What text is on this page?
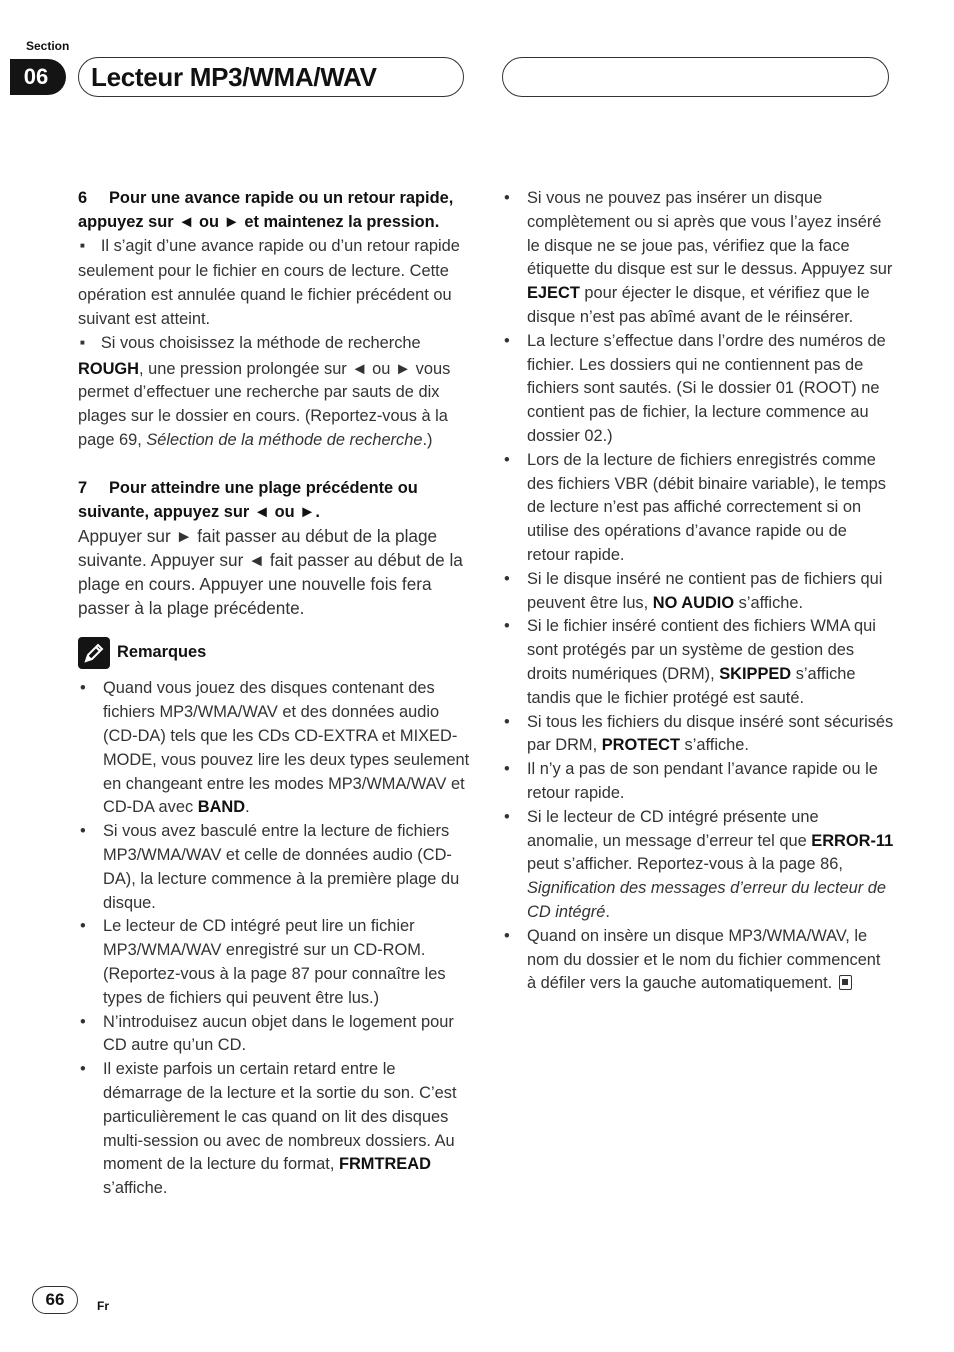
Section
06	Lecteur MP3/WMA/WAV
6 Pour une avance rapide ou un retour rapide, appuyez sur ◄ ou ► et maintenez la pression.
■ Il s’agit d’une avance rapide ou d’un retour rapide seulement pour le fichier en cours de lecture. Cette opération est annulée quand le fichier précédent ou suivant est atteint.
■ Si vous choisissez la méthode de recherche ROUGH, une pression prolongée sur ◄ ou ► vous permet d’effectuer une recherche par sauts de dix plages sur le dossier en cours. (Reportez-vous à la page 69, Sélection de la méthode de recherche.)
7 Pour atteindre une plage précédente ou suivante, appuyez sur ◄ ou ►.
Appuyer sur ► fait passer au début de la plage suivante. Appuyer sur ◄ fait passer au début de la plage en cours. Appuyer une nouvelle fois fera passer à la plage précédente.
Remarques
• Quand vous jouez des disques contenant des fichiers MP3/WMA/WAV et des données audio (CD-DA) tels que les CDs CD-EXTRA et MIXED-MODE, vous pouvez lire les deux types seulement en changeant entre les modes MP3/WMA/WAV et CD-DA avec BAND.
• Si vous avez basculé entre la lecture de fichiers MP3/WMA/WAV et celle de données audio (CD-DA), la lecture commence à la première plage du disque.
• Le lecteur de CD intégré peut lire un fichier MP3/WMA/WAV enregistré sur un CD-ROM. (Reportez-vous à la page 87 pour connaître les types de fichiers qui peuvent être lus.)
• N’introduisez aucun objet dans le logement pour CD autre qu’un CD.
• Il existe parfois un certain retard entre le démarrage de la lecture et la sortie du son. C’est particulièrement le cas quand on lit des disques multi-session ou avec de nombreux dossiers. Au moment de la lecture du format, FRMTREAD s’affiche.
• Si vous ne pouvez pas insérer un disque complètement ou si après que vous l’ayez inséré le disque ne se joue pas, vérifiez que la face étiquette du disque est sur le dessus. Appuyez sur EJECT pour éjecter le disque, et vérifiez que le disque n’est pas abîmé avant de le réinsérer.
• La lecture s’effectue dans l’ordre des numéros de fichier. Les dossiers qui ne contiennent pas de fichiers sont sautés. (Si le dossier 01 (ROOT) ne contient pas de fichier, la lecture commence au dossier 02.)
• Lors de la lecture de fichiers enregistrés comme des fichiers VBR (débit binaire variable), le temps de lecture n’est pas affiché correctement si on utilise des opérations d’avance rapide ou de retour rapide.
• Si le disque inséré ne contient pas de fichiers qui peuvent être lus, NO AUDIO s’affiche.
• Si le fichier inséré contient des fichiers WMA qui sont protégés par un système de gestion des droits numériques (DRM), SKIPPED s’affiche tandis que le fichier protégé est sauté.
• Si tous les fichiers du disque inséré sont sécurisés par DRM, PROTECT s’affiche.
• Il n’y a pas de son pendant l’avance rapide ou le retour rapide.
• Si le lecteur de CD intégré présente une anomalie, un message d’erreur tel que ERROR-11 peut s’afficher. Reportez-vous à la page 86, Signification des messages d’erreur du lecteur de CD intégré.
• Quand on insère un disque MP3/WMA/WAV, le nom du dossier et le nom du fichier commencent à défiler vers la gauche automatiquement.
66	Fr
